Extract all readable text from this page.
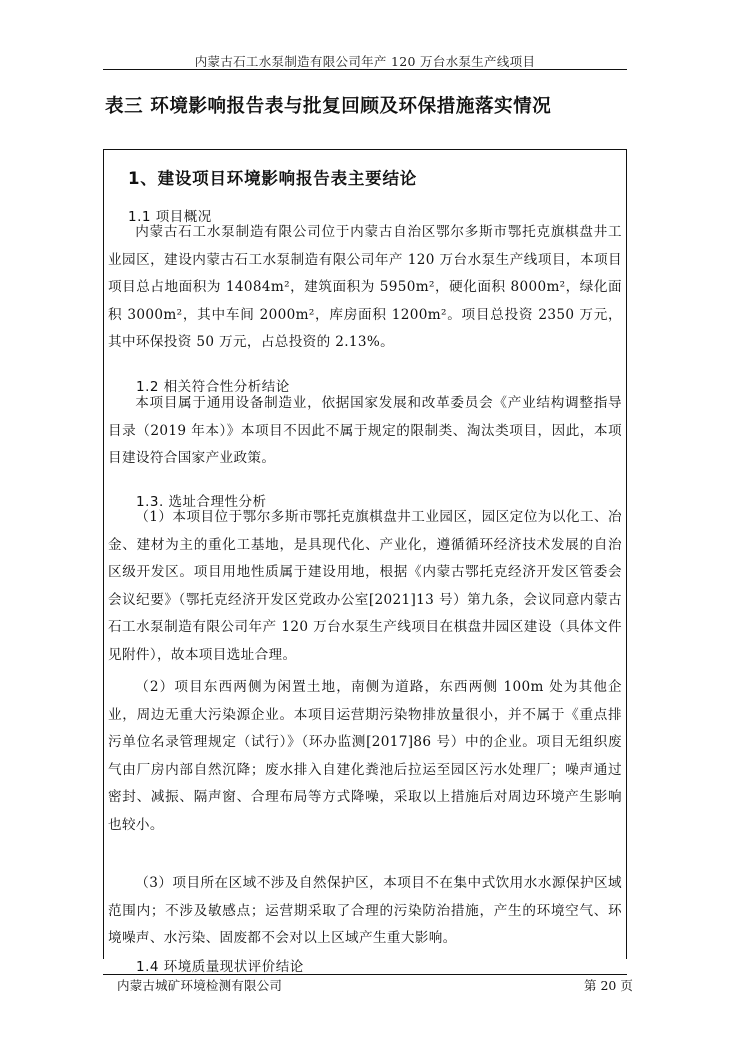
内蒙古石工水泵制造有限公司年产 120 万台水泵生产线项目
表三 环境影响报告表与批复回顾及环保措施落实情况
1、建设项目环境影响报告表主要结论
1.1 项目概况

内蒙古石工水泵制造有限公司位于内蒙古自治区鄂尔多斯市鄂托克旗棋盘井工业园区，建设内蒙古石工水泵制造有限公司年产 120 万台水泵生产线项目，本项目项目总占地面积为 14084m²，建筑面积为 5950m²，硬化面积 8000m²，绿化面积 3000m²，其中车间 2000m²，库房面积 1200m²。项目总投资 2350 万元，其中环保投资 50 万元，占总投资的 2.13%。

1.2 相关符合性分析结论

本项目属于通用设备制造业，依据国家发展和改革委员会《产业结构调整指导目录（2019 年本）》本项目不因此不属于规定的限制类、淘汰类项目，因此，本项目建设符合国家产业政策。

1.3. 选址合理性分析

（1）本项目位于鄂尔多斯市鄂托克旗棋盘井工业园区，园区定位为以化工、冶金、建材为主的重化工基地，是具现代化、产业化，遵循循环经济技术发展的自治区级开发区。项目用地性质属于建设用地，根据《内蒙古鄂托克经济开发区管委会会议纪要》（鄂托克经济开发区党政办公室[2021]13 号）第九条，会议同意内蒙古石工水泵制造有限公司年产 120 万台水泵生产线项目在棋盘井园区建设（具体文件见附件），故本项目选址合理。

（2）项目东西两侧为闲置土地，南侧为道路，东西两侧 100m 处为其他企业，周边无重大污染源企业。本项目运营期污染物排放量很小，并不属于《重点排污单位名录管理规定（试行）》（环办监测[2017]86 号）中的企业。项目无组织废气由厂房内部自然沉降；废水排入自建化粪池后拉运至园区污水处理厂；噪声通过密封、减振、隔声窗、合理布局等方式降噪，采取以上措施后对周边环境产生影响也较小。

（3）项目所在区域不涉及自然保护区，本项目不在集中式饮用水水源保护区域范围内；不涉及敏感点；运营期采取了合理的污染防治措施，产生的环境空气、环境噪声、水污染、固废都不会对以上区域产生重大影响。

1.4 环境质量现状评价结论
内蒙古城矿环境检测有限公司	第 20 页
